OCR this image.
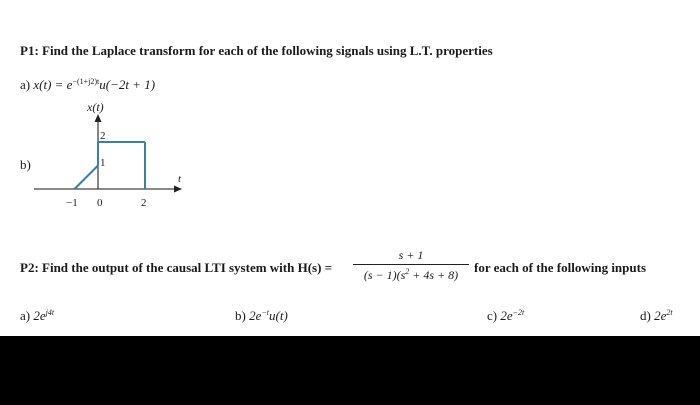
P1: Find the Laplace transform for each of the following signals using L.T. properties
a) $x(t) = e^{-(1+j2)t}u(-2t + 1)$
b)
x(t)
t
−1 0	2
2
1
P2: Find the output of the causal LTI system with H(s) =
s + 1
$(s - 1)(s^2 + 4s + 8)$	for each of the following inputs
a) $2e^{j4t}$	b) $2e^{-t}u(t)$	c) $2e^{-2t}$	d) $2e^{2t}$
